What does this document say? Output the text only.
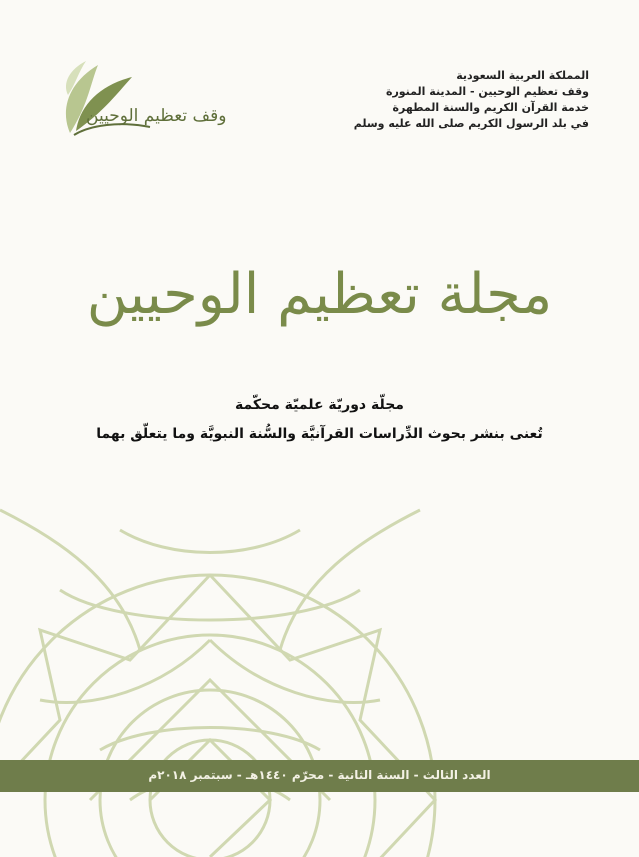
وقف تعظيم الوحيين
المملكة العربية السعودية
وقف تعظيم الوحيين - المدينة المنورة
خدمة القرآن الكريم والسنة المطهرة
في بلد الرسول الكريم صلى الله عليه وسلم
مجلة تعظيم الوحيين
مجلّة دوريّة علميّة محكّمة
تُعنى بنشر بحوث الدِّراسات القرآنيَّة والسُّنة النبويَّة وما يتعلّق بهما
العدد الثالث - السنة الثانية - محرّم ١٤٤٠هـ - سبتمبر ٢٠١٨م
